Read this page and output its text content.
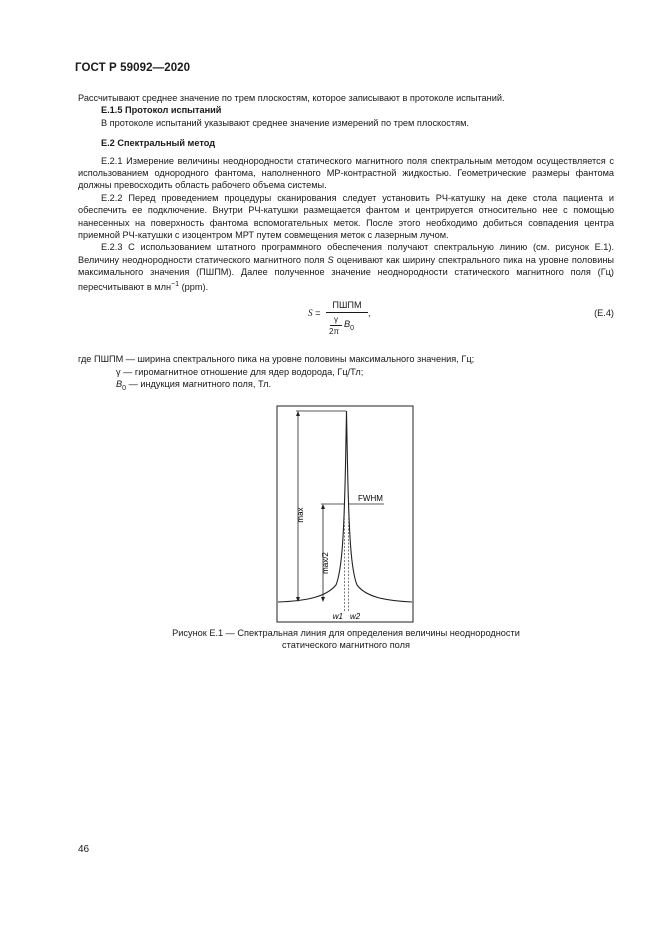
ГОСТ Р 59092—2020

Рассчитывают среднее значение по трем плоскостям, которое записывают в протоколе испытаний.

E.1.5 Протокол испытаний

В протоколе испытаний указывают среднее значение измерений по трем плоскостям.

E.2 Спектральный метод

E.2.1 Измерение величины неоднородности статического магнитного поля спектральным методом осуществляется с использованием однородного фантома, наполненного МР-контрастной жидкостью. Геометрические размеры фантома должны превосходить область рабочего объема системы.

E.2.2 Перед проведением процедуры сканирования следует установить РЧ-катушку на деке стола пациента и обеспечить ее подключение. Внутри РЧ-катушки размещается фантом и центрируется относительно нее с помощью нанесенных на поверхность фантома вспомогательных меток. После этого необходимо добиться совпадения центра приемной РЧ-катушки с изоцентром МРТ путем совмещения меток с лазерным лучом.

E.2.3 С использованием штатного программного обеспечения получают спектральную линию (см. рисунок Е.1). Величину неоднородности статического магнитного поля S оценивают как ширину спектрального пика на уровне половины максимального значения (ПШПМ). Далее полученное значение неоднородности статического магнитного поля (Гц) пересчитывают в млн$^{-1}$ (ppm).

S =
ПШПМ
γ
2π
$B_0$
,	(E.4)
где ПШПМ — ширина спектрального пика на уровне половины максимального значения, Гц;
γ — гиромагнитное отношение для ядер водорода, Гц/Тл;
$B_0$ — индукция магнитного поля, Тл.
max
max/2
FWHM
w1 w2
Рисунок Е.1 — Спектральная линия для определения величины неоднородности
статического магнитного поля
46
